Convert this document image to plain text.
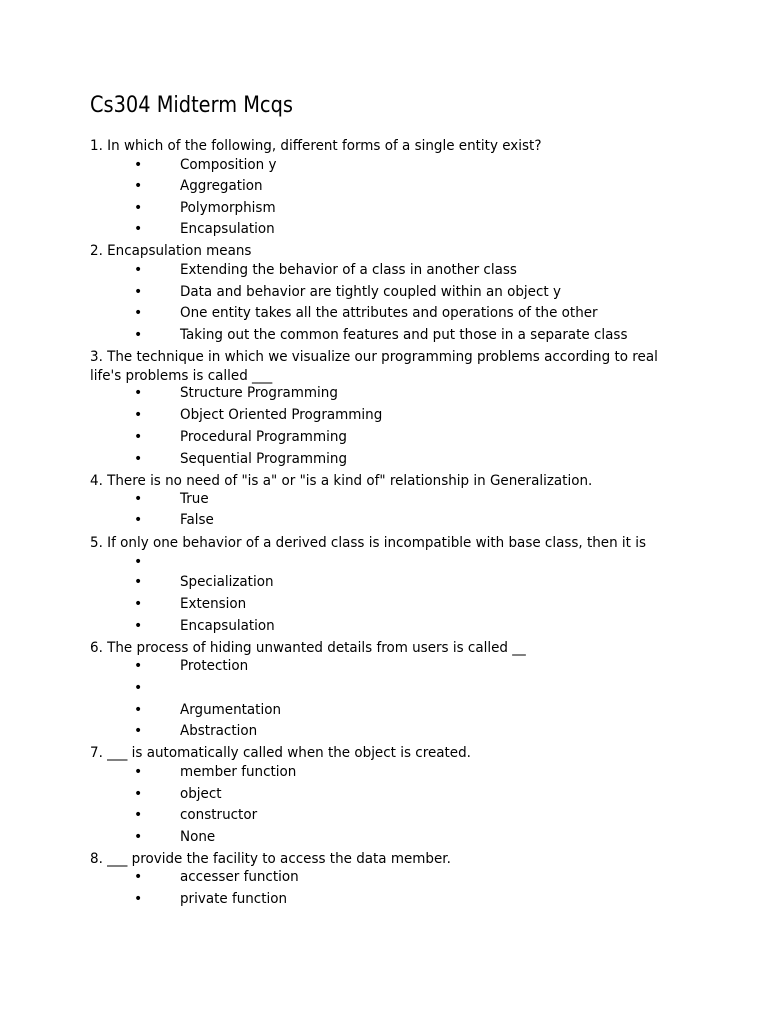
Cs304 Midterm Mcqs
1. In which of the following, different forms of a single entity exist?
•	Composition y
•	Aggregation
•	Polymorphism
•	Encapsulation
2. Encapsulation means
•	Extending the behavior of a class in another class
•	Data and behavior are tightly coupled within an object y
•	One entity takes all the attributes and operations of the other
•	Taking out the common features and put those in a separate class
3. The technique in which we visualize our programming problems according to real
life's problems is called ___
•	Structure Programming
•	Object Oriented Programming
•	Procedural Programming
•	Sequential Programming
4. There is no need of "is a" or "is a kind of" relationship in Generalization.
•	True
•	False
5. If only one behavior of a derived class is incompatible with base class, then it is
•
•	Specialization
•	Extension
•	Encapsulation
6. The process of hiding unwanted details from users is called __
•	Protection
•
•	Argumentation
•	Abstraction
7. ___ is automatically called when the object is created.
•	member function
•	object
•	constructor
•	None
8. ___ provide the facility to access the data member.
•	accesser function
•	private function
